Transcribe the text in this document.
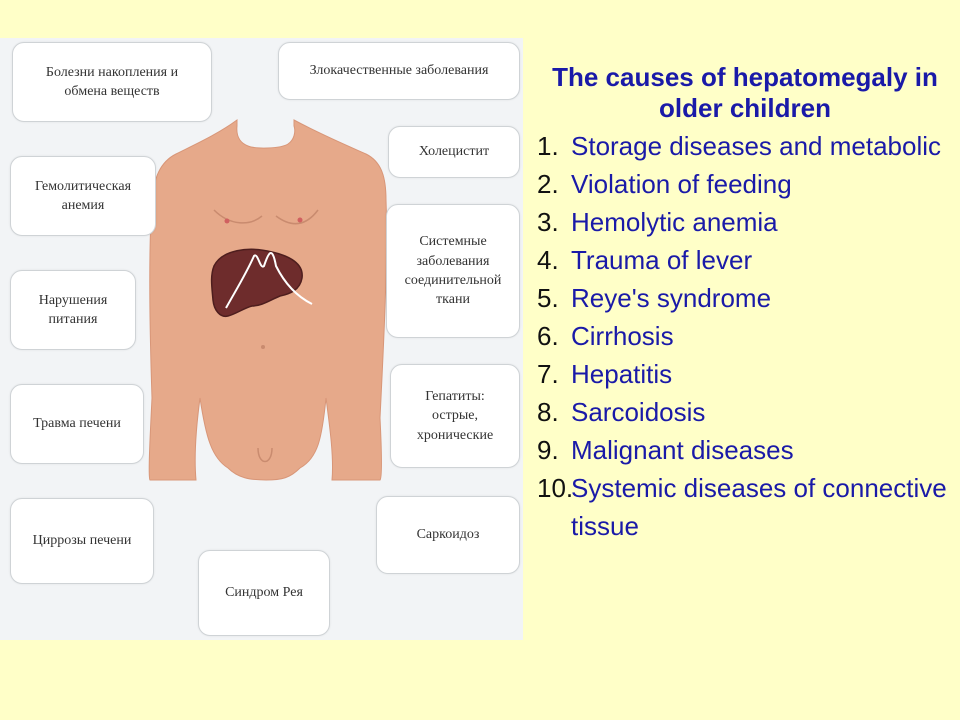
Болезни накопления и
обмена веществ
Злокачественные заболевания
Холецистит
Гемолитическая
анемия
Системные
заболевания
соединительной
ткани
Нарушения
питания
Гепатиты:
острые,
хронические
Травма печени
Циррозы печени	Саркоидоз
Синдром Рея
The causes of hepatomegaly in older children
1. Storage diseases and metabolic
2. Violation of feeding
3. Hemolytic anemia
4. Trauma of lever
5. Reye's syndrome
6. Cirrhosis
7. Hepatitis
8. Sarcoidosis
9. Malignant diseases
10.
Systemic diseases of connective tissue
